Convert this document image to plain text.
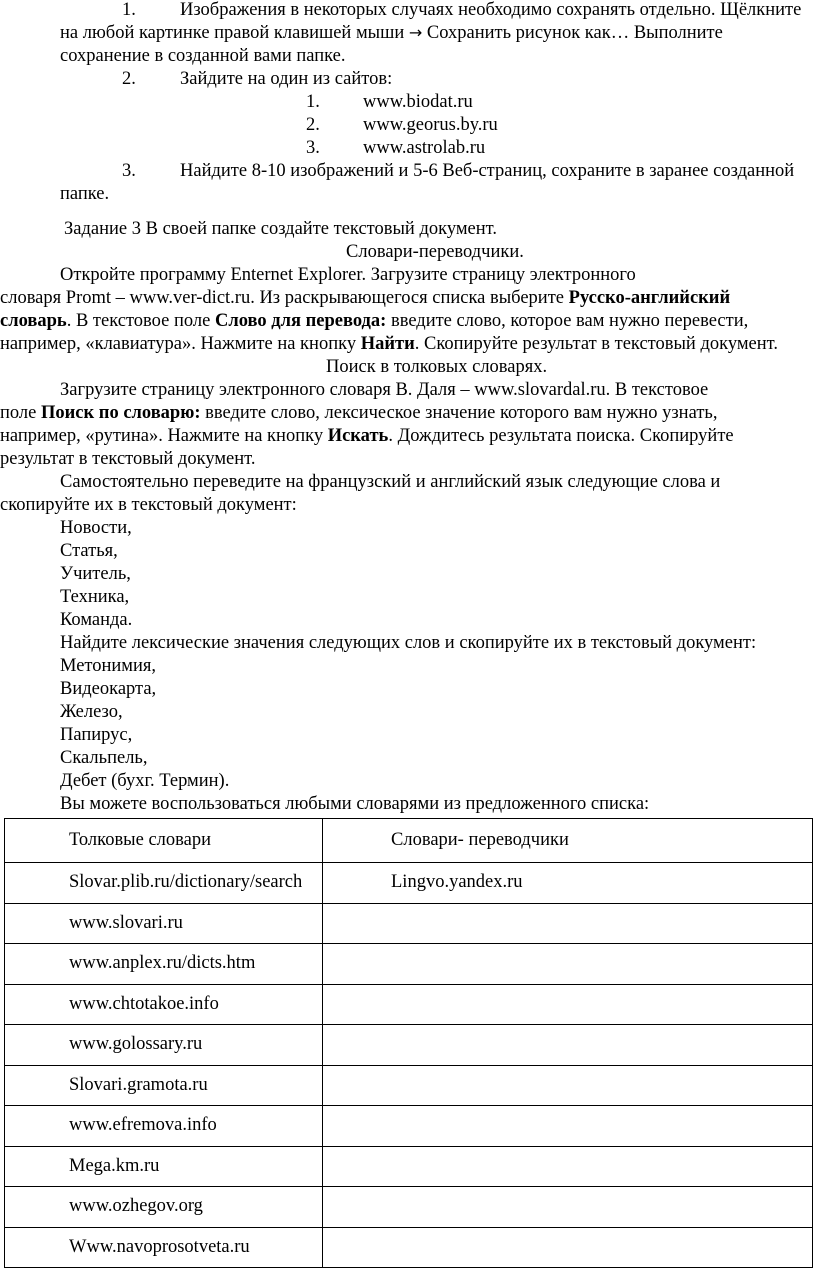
1. Изображения в некоторых случаях необходимо сохранять отдельно. Щёлкните
на любой картинке правой клавишей мыши → Сохранить рисунок как… Выполните
сохранение в созданной вами папке.
2. Зайдите на один из сайтов:
1. www.biodat.ru
2. www.georus.by.ru
3. www.astrolab.ru
3. Найдите 8-10 изображений и 5-6 Веб-страниц, сохраните в заранее созданной
папке.
Задание 3 В своей папке создайте текстовый документ.
Словари-переводчики.
Откройте программу Enternet Explorer. Загрузите страницу электронного
словаря Promt – www.ver-dict.ru. Из раскрывающегося списка выберите Русско-английский
словарь. В текстовое поле Слово для перевода: введите слово, которое вам нужно перевести,
например, «клавиатура». Нажмите на кнопку Найти. Скопируйте результат в текстовый документ.
Поиск в толковых словарях.
Загрузите страницу электронного словаря В. Даля – www.slovardal.ru. В текстовое
поле Поиск по словарю: введите слово, лексическое значение которого вам нужно узнать,
например, «рутина». Нажмите на кнопку Искать. Дождитесь результата поиска. Скопируйте
результат в текстовый документ.
Самостоятельно переведите на французский и английский язык следующие слова и
скопируйте их в текстовый документ:
Новости,
Статья,
Учитель,
Техника,
Команда.
Найдите лексические значения следующих слов и скопируйте их в текстовый документ:
Метонимия,
Видеокарта,
Железо,
Папирус,
Скальпель,
Дебет (бухг. Термин).
Вы можете воспользоваться любыми словарями из предложенного списка:
Толковые словари	Словари- переводчики
Slovar.plib.ru/dictionary/search	Lingvo.yandex.ru
www.slovari.ru	
www.anplex.ru/dicts.htm	
www.chtotakoe.info	
www.golossary.ru	
Slovari.gramota.ru	
www.efremova.info	
Mega.km.ru	
www.ozhegov.org	
Www.navoprosotveta.ru	
